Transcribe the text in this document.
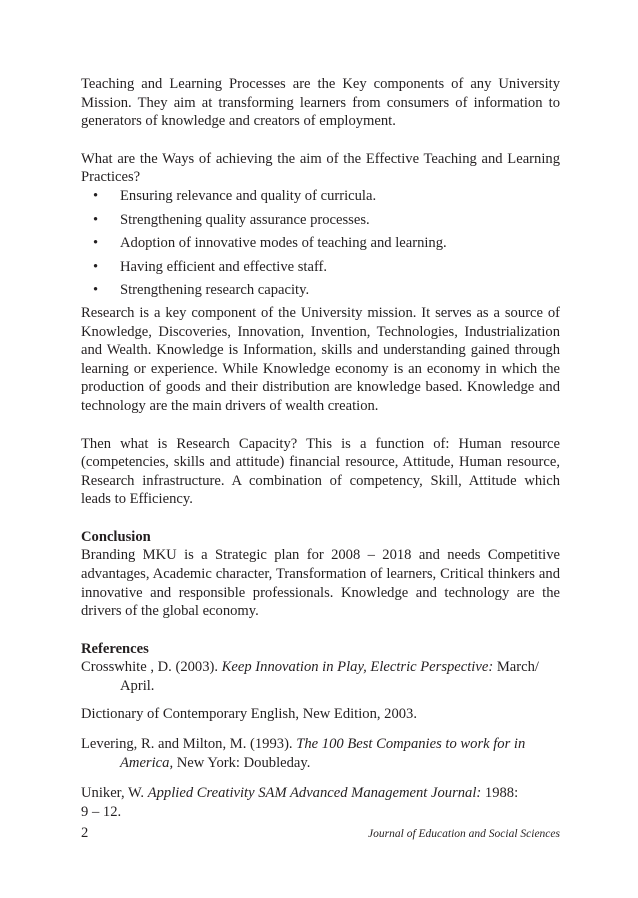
Teaching and Learning Processes are the Key components of any University Mission. They aim at transforming learners from consumers of information to generators of knowledge and creators of employment.

What are the Ways of achieving the aim of the Effective Teaching and Learning Practices?

•	Ensuring relevance and quality of curricula.
•	Strengthening quality assurance processes.
•	Adoption of innovative modes of teaching and learning.
•	Having efficient and effective staff.
•	Strengthening research capacity.

Research is a key component of the University mission. It serves as a source of Knowledge, Discoveries, Innovation, Invention, Technologies, Industrialization and Wealth. Knowledge is Information, skills and understanding gained through learning or experience. While Knowledge economy is an economy in which the production of goods and their distribution are knowledge based. Knowledge and technology are the main drivers of wealth creation.

Then what is Research Capacity? This is a function of: Human resource (competencies, skills and attitude) financial resource, Attitude, Human resource, Research infrastructure. A combination of competency, Skill, Attitude which leads to Efficiency.

Conclusion

Branding MKU is a Strategic plan for 2008 – 2018 and needs Competitive advantages, Academic character, Transformation of learners, Critical thinkers and innovative and responsible professionals. Knowledge and technology are the drivers of the global economy.

References

Crosswhite , D. (2003). Keep Innovation in Play, Electric Perspective: March/ April.

Dictionary of Contemporary English, New Edition, 2003.

Levering, R. and Milton, M. (1993). The 100 Best Companies to work for in America, New York: Doubleday.

Uniker, W. Applied Creativity SAM Advanced Management Journal: 1988:

9 – 12.

2	Journal of Education and Social Sciences
